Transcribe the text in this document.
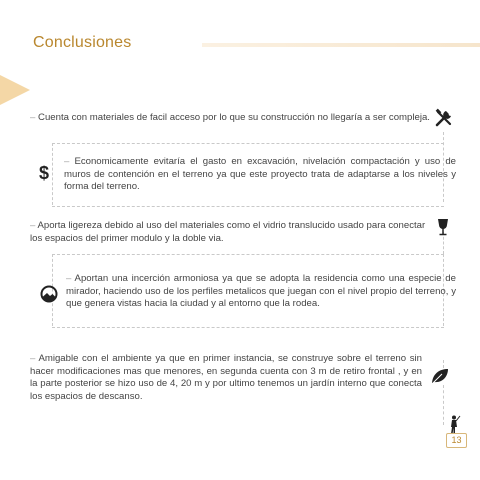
Conclusiones
– Cuenta con materiales de facil acceso por lo que su construcción no llegaría a ser compleja.
– Economicamente evitaría el gasto en excavación, nivelación compactación y uso de muros de contención en el terreno ya que este proyecto trata de adaptarse a los niveles y forma del terreno.
$
– Aporta ligereza debido al uso del materiales como el vidrio translucido usado para conectar los espacios del primer modulo y la doble via.
– Aportan una incerción armoniosa ya que se adopta la residencia como una especie de mirador, haciendo uso de los perfiles metalicos que juegan con el nivel propio del terreno, y que genera vistas hacia la ciudad y al entorno que la rodea.
– Amigable con el ambiente ya que en primer instancia, se construye sobre el terreno sin hacer modificaciones mas que menores, en segunda cuenta con 3 m de retiro frontal , y en la parte posterior se hizo uso de 4, 20 m y por ultimo tenemos un jardín interno que conecta los espacios de descanso.
13
